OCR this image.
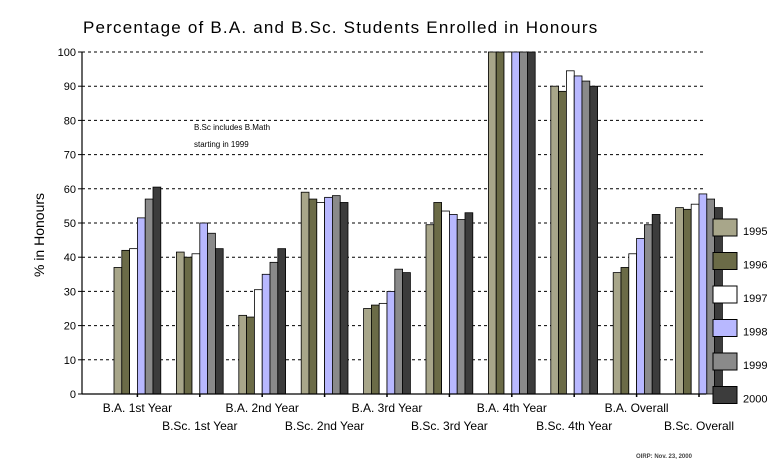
Percentage of B.A. and B.Sc. Students Enrolled in Honours
0
10
20
30
40
50
60
70
80
90
100
B.A. 1st Year
B.Sc. 1st Year
B.A. 2nd Year
B.Sc. 2nd Year
B.A. 3rd Year
B.Sc. 3rd Year
B.A. 4th Year
B.Sc. 4th Year
B.A. Overall
B.Sc. Overall
% in Honours
B.Sc includes B.Math
starting in 1999
1995
1996
1997
1998
1999
2000
OIRP: Nov. 23, 2000
